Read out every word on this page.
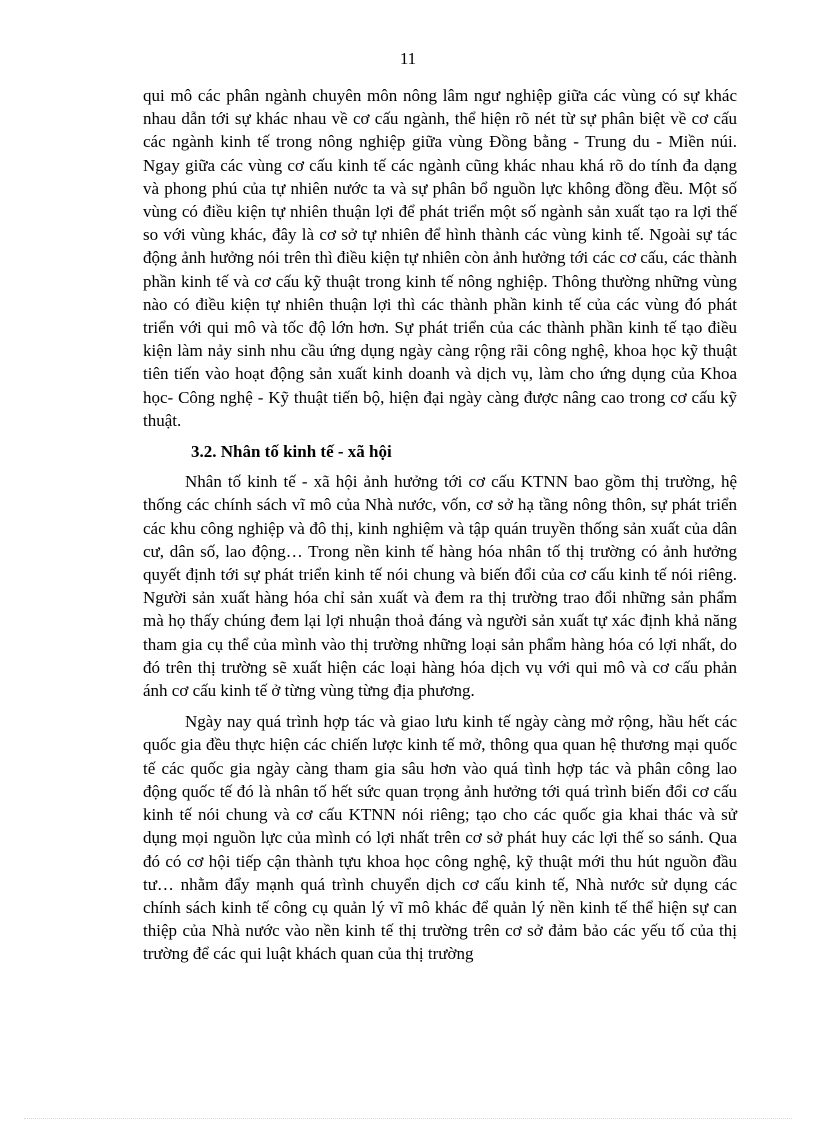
11

qui mô các phân ngành chuyên môn nông lâm ngư nghiệp giữa các vùng có sự khác nhau dẫn tới sự khác nhau về cơ cấu ngành, thể hiện rõ nét từ sự phân biệt về cơ cấu các ngành kinh tế trong nông nghiệp giữa vùng Đồng bằng - Trung du - Miền núi. Ngay giữa các vùng cơ cấu kinh tế các ngành cũng khác nhau khá rõ do tính đa dạng và phong phú của tự nhiên nước ta và sự phân bổ nguồn lực không đồng đều. Một số vùng có điều kiện tự nhiên thuận lợi để phát triển một số ngành sản xuất tạo ra lợi thế so với vùng khác, đây là cơ sở tự nhiên để hình thành các vùng kinh tế. Ngoài sự tác động ảnh hưởng nói trên thì điều kiện tự nhiên còn ảnh hưởng tới các cơ cấu, các thành phần kinh tế và cơ cấu kỹ thuật trong kinh tế nông nghiệp. Thông thường những vùng nào có điều kiện tự nhiên thuận lợi thì các thành phần kinh tế của các vùng đó phát triển với qui mô và tốc độ lớn hơn. Sự phát triển của các thành phần kinh tế tạo điều kiện làm nảy sinh nhu cầu ứng dụng ngày càng rộng rãi công nghệ, khoa học kỹ thuật tiên tiến vào hoạt động sản xuất kinh doanh và dịch vụ, làm cho ứng dụng của Khoa học- Công nghệ - Kỹ thuật tiến bộ, hiện đại ngày càng được nâng cao trong cơ cấu kỹ thuật.

3.2. Nhân tố kinh tế - xã hội

Nhân tố kinh tế - xã hội ảnh hưởng tới cơ cấu KTNN bao gồm thị trường, hệ thống các chính sách vĩ mô của Nhà nước, vốn, cơ sở hạ tầng nông thôn, sự phát triển các khu công nghiệp và đô thị, kinh nghiệm và tập quán truyền thống sản xuất của dân cư, dân số, lao động… Trong nền kinh tế hàng hóa nhân tố thị trường có ảnh hưởng quyết định tới sự phát triển kinh tế nói chung và biến đổi của cơ cấu kinh tế nói riêng. Người sản xuất hàng hóa chỉ sản xuất và đem ra thị trường trao đổi những sản phẩm mà họ thấy chúng đem lại lợi nhuận thoả đáng và người sản xuất tự xác định khả năng tham gia cụ thể của mình vào thị trường những loại sản phẩm hàng hóa có lợi nhất, do đó trên thị trường sẽ xuất hiện các loại hàng hóa dịch vụ với qui mô và cơ cấu phản ánh cơ cấu kinh tế ở từng vùng từng địa phương.

Ngày nay quá trình hợp tác và giao lưu kinh tế ngày càng mở rộng, hầu hết các quốc gia đều thực hiện các chiến lược kinh tế mở, thông qua quan hệ thương mại quốc tế các quốc gia ngày càng tham gia sâu hơn vào quá tình hợp tác và phân công lao động quốc tế đó là nhân tố hết sức quan trọng ảnh hưởng tới quá trình biến đổi cơ cấu kinh tế nói chung và cơ cấu KTNN nói riêng; tạo cho các quốc gia khai thác và sử dụng mọi nguồn lực của mình có lợi nhất trên cơ sở phát huy các lợi thế so sánh. Qua đó có cơ hội tiếp cận thành tựu khoa học công nghệ, kỹ thuật mới thu hút nguồn đầu tư… nhằm đẩy mạnh quá trình chuyển dịch cơ cấu kinh tế, Nhà nước sử dụng các chính sách kinh tế công cụ quản lý vĩ mô khác để quản lý nền kinh tế thể hiện sự can thiệp của Nhà nước vào nền kinh tế thị trường trên cơ sở đảm bảo các yếu tố của thị trường để các qui luật khách quan của thị trường
